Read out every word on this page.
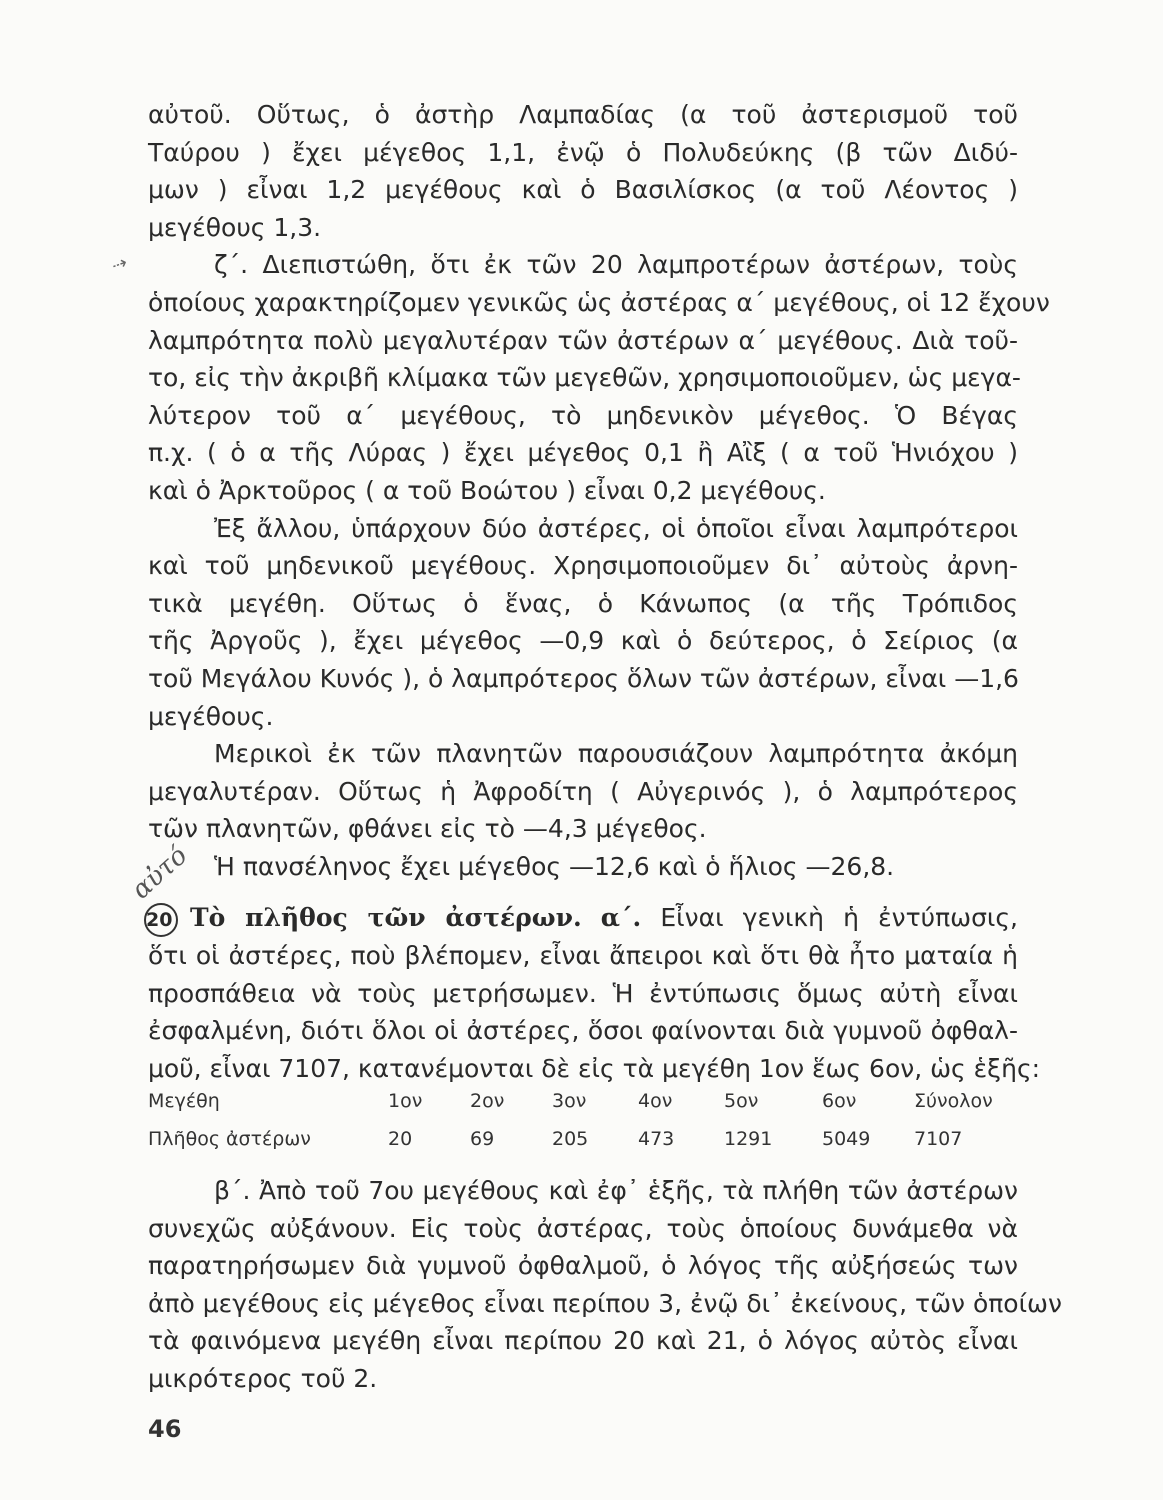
⇢
αὐτό
αὐτοῦ. Οὕτως, ὁ ἀστὴρ Λαμπαδίας (α τοῦ ἀστερισμοῦ τοῦ
Ταύρου ) ἔχει μέγεθος 1,1, ἐνῷ ὁ Πολυδεύκης (β τῶν Διδύ-
μων ) εἶναι 1,2 μεγέθους καὶ ὁ Βασιλίσκος (α τοῦ Λέοντος )
μεγέθους 1,3.
ζ΄. Διεπιστώθη, ὅτι ἐκ τῶν 20 λαμπροτέρων ἀστέρων, τοὺς
ὁποίους χαρακτηρίζομεν γενικῶς ὡς ἀστέρας α΄ μεγέθους, οἱ 12 ἔχουν
λαμπρότητα πολὺ μεγαλυτέραν τῶν ἀστέρων α΄ μεγέθους. Διὰ τοῦ-
το, εἰς τὴν ἀκριβῆ κλίμακα τῶν μεγεθῶν, χρησιμοποιοῦμεν, ὡς μεγα-
λύτερον τοῦ α΄ μεγέθους, τὸ μηδενικὸν μέγεθος. Ὁ Βέγας
π.χ. ( ὁ α τῆς Λύρας ) ἔχει μέγεθος 0,1 ἢ Αἲξ ( α τοῦ Ἡνιόχου )
καὶ ὁ Ἀρκτοῦρος ( α τοῦ Βοώτου ) εἶναι 0,2 μεγέθους.
Ἐξ ἄλλου, ὑπάρχουν δύο ἀστέρες, οἱ ὁποῖοι εἶναι λαμπρότεροι
καὶ τοῦ μηδενικοῦ μεγέθους. Χρησιμοποιοῦμεν δι᾿ αὐτοὺς ἀρνη-
τικὰ μεγέθη. Οὕτως ὁ ἕνας, ὁ Κάνωπος (α τῆς Τρόπιδος
τῆς Ἀργοῦς ), ἔχει μέγεθος —0,9 καὶ ὁ δεύτερος, ὁ Σείριος (α
τοῦ Μεγάλου Κυνός ), ὁ λαμπρότερος ὅλων τῶν ἀστέρων, εἶναι —1,6
μεγέθους.
Μερικοὶ ἐκ τῶν πλανητῶν παρουσιάζουν λαμπρότητα ἀκόμη
μεγαλυτέραν. Οὕτως ἡ Ἀφροδίτη ( Αὐγερινός ), ὁ λαμπρότερος
τῶν πλανητῶν, φθάνει εἰς τὸ —4,3 μέγεθος.
Ἡ πανσέληνος ἔχει μέγεθος —12,6 καὶ ὁ ἥλιος —26,8.
20 Τὸ πλῆθος τῶν ἀστέρων. α΄. Εἶναι γενικὴ ἡ ἐντύπωσις,
ὅτι οἱ ἀστέρες, ποὺ βλέπομεν, εἶναι ἄπειροι καὶ ὅτι θὰ ἦτο ματαία ἡ
προσπάθεια νὰ τοὺς μετρήσωμεν. Ἡ ἐντύπωσις ὅμως αὐτὴ εἶναι
ἐσφαλμένη, διότι ὅλοι οἱ ἀστέρες, ὅσοι φαίνονται διὰ γυμνοῦ ὀφθαλ-
μοῦ, εἶναι 7107, κατανέμονται δὲ εἰς τὰ μεγέθη 1ον ἕως 6ον, ὡς ἑξῆς:
Μεγέθη	1ον	2ον	3ον	4ον	5ον	6ον	Σύνολον
Πλῆθος ἀστέρων	20	69	205	473	1291	5049	7107
β΄. Ἀπὸ τοῦ 7ου μεγέθους καὶ ἐφ᾿ ἑξῆς, τὰ πλήθη τῶν ἀστέρων
συνεχῶς αὐξάνουν. Εἰς τοὺς ἀστέρας, τοὺς ὁποίους δυνάμεθα νὰ
παρατηρήσωμεν διὰ γυμνοῦ ὀφθαλμοῦ, ὁ λόγος τῆς αὐξήσεώς των
ἀπὸ μεγέθους εἰς μέγεθος εἶναι περίπου 3, ἐνῷ δι᾿ ἐκείνους, τῶν ὁποίων
τὰ φαινόμενα μεγέθη εἶναι περίπου 20 καὶ 21, ὁ λόγος αὐτὸς εἶναι
μικρότερος τοῦ 2.
46
